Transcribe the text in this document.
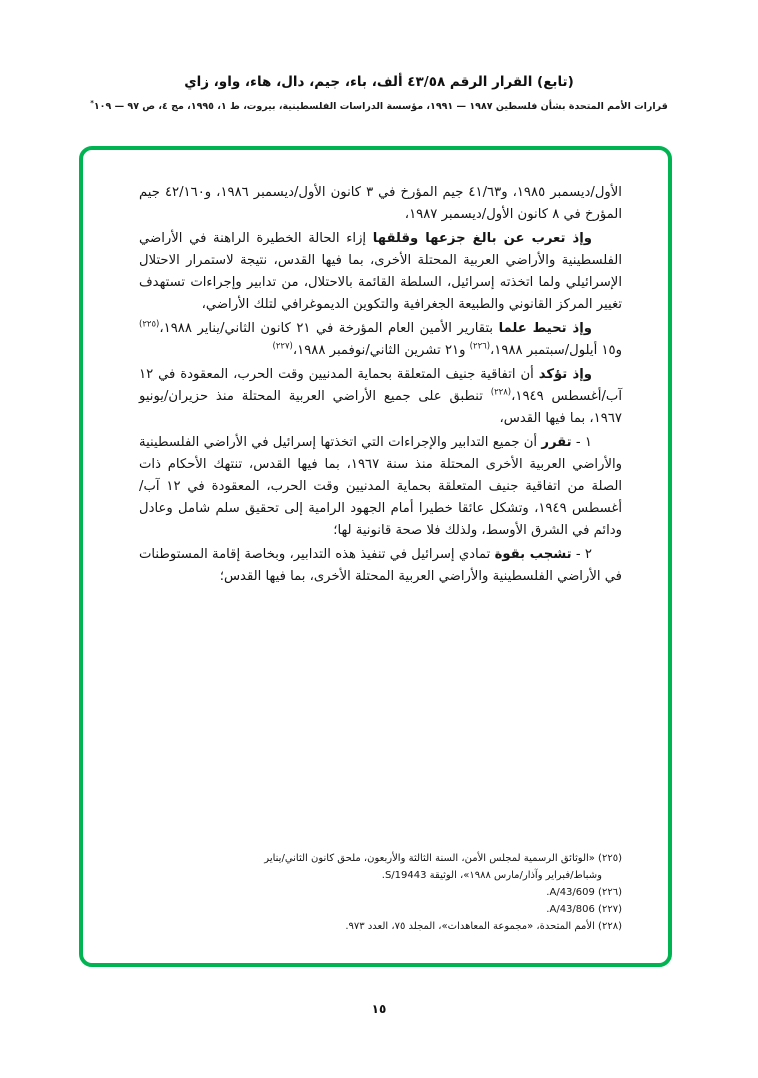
(تابع) القرار الرقم ٤٣/٥٨ ألف، باء، جيم، دال، هاء، واو، زاي
قرارات الأمم المتحدة بشأن فلسطين ١٩٨٧ — ١٩٩١، مؤسسة الدراسات الفلسطينية، بيروت، ط ١، ١٩٩٥، مج ٤، ص ٩٧ — ١٠٩*

الأول/ديسمبر ١٩٨٥، و٤١/٦٣ جيم المؤرخ في ٣ كانون الأول/ديسمبر ١٩٨٦، و٤٢/١٦٠ جيم المؤرخ في ٨ كانون الأول/ديسمبر ١٩٨٧،

وإذ تعرب عن بالغ جزعها وقلقها إزاء الحالة الخطيرة الراهنة في الأراضي الفلسطينية والأراضي العربية المحتلة الأخرى، بما فيها القدس، نتيجة لاستمرار الاحتلال الإسرائيلي ولما اتخذته إسرائيل، السلطة القائمة بالاحتلال، من تدابير وإجراءات تستهدف تغيير المركز القانوني والطبيعة الجغرافية والتكوين الديموغرافي لتلك الأراضي،

وإذ تحيط علما بتقارير الأمين العام المؤرخة في ٢١ كانون الثاني/يناير ١٩٨٨،$^{(٢٢٥)}$ و١٥ أيلول/سبتمبر ١٩٨٨،$^{(٢٢٦)}$ و٢١ تشرين الثاني/نوفمبر ١٩٨٨،$^{(٢٢٧)}$

وإذ تؤكد أن اتفاقية جنيف المتعلقة بحماية المدنيين وقت الحرب، المعقودة في ١٢ آب/أغسطس ١٩٤٩،$^{(٢٢٨)}$ تنطبق على جميع الأراضي العربية المحتلة منذ حزيران/يونيو ١٩٦٧، بما فيها القدس،

١ - تقرر أن جميع التدابير والإجراءات التي اتخذتها إسرائيل في الأراضي الفلسطينية والأراضي العربية الأخرى المحتلة منذ سنة ١٩٦٧، بما فيها القدس، تنتهك الأحكام ذات الصلة من اتفاقية جنيف المتعلقة بحماية المدنيين وقت الحرب، المعقودة في ١٢ آب/أغسطس ١٩٤٩، وتشكل عائقا خطيرا أمام الجهود الرامية إلى تحقيق سلم شامل وعادل ودائم في الشرق الأوسط، ولذلك فلا صحة قانونية لها؛

٢ - تشجب بقوة تمادي إسرائيل في تنفيذ هذه التدابير، وبخاصة إقامة المستوطنات في الأراضي الفلسطينية والأراضي العربية المحتلة الأخرى، بما فيها القدس؛

(٢٢٥) «الوثائق الرسمية لمجلس الأمن، السنة الثالثة والأربعون، ملحق كانون الثاني/يناير وشباط/فبراير وآذار/مارس ١٩٨٨»، الوثيقة S/19443.

(٢٢٦) A/43/609.

(٢٢٧) A/43/806.

(٢٢٨) الأمم المتحدة، «مجموعة المعاهدات»، المجلد ٧٥، العدد ٩٧٣.

١٥
